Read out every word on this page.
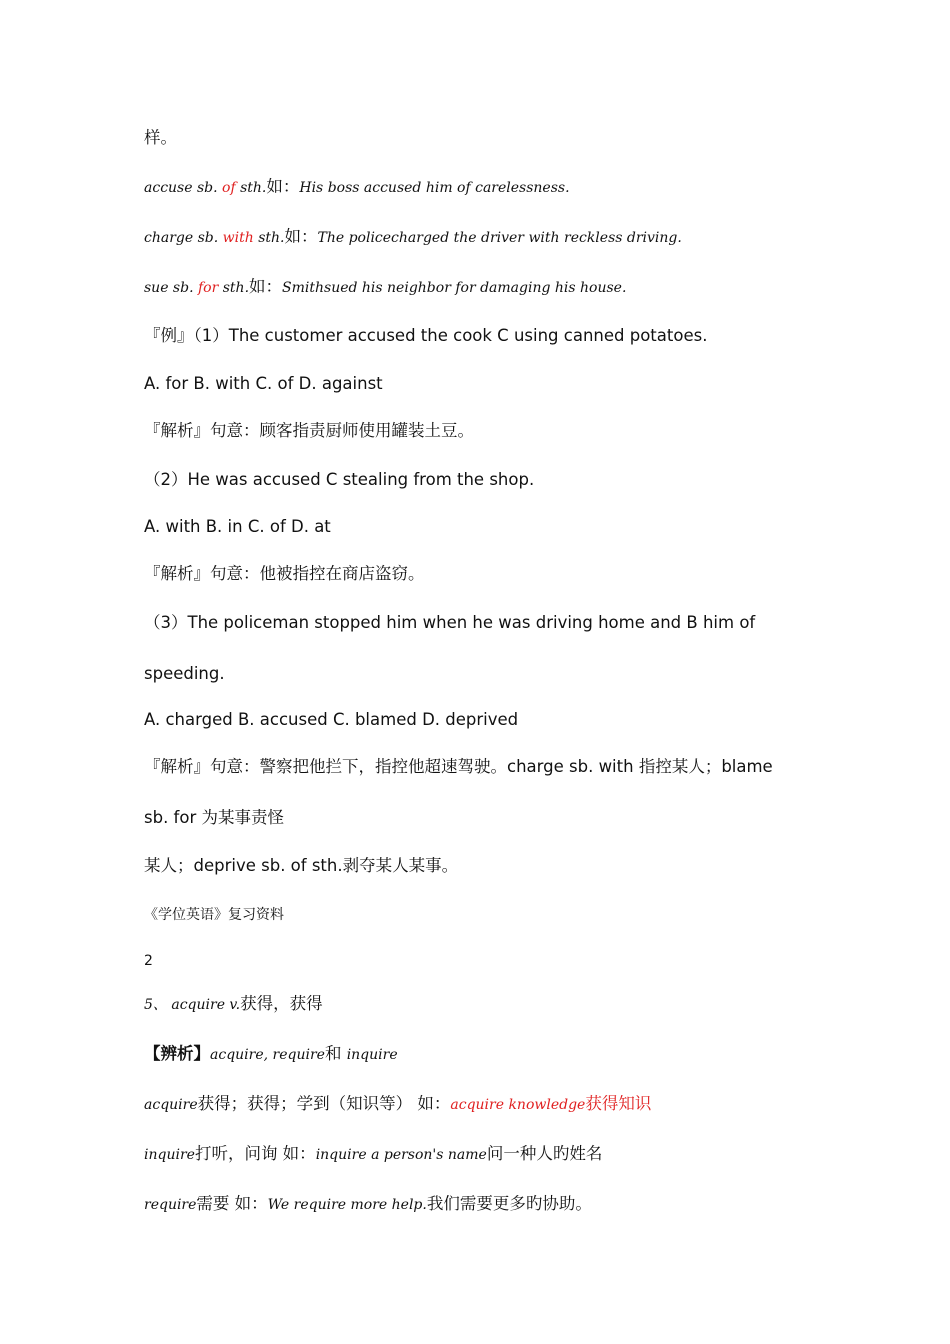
样。
accuse sb. of sth.如：His boss accused him of carelessness.
charge sb. with sth.如：The policecharged the driver with reckless driving.
sue sb. for sth.如：Smithsued his neighbor for damaging his house.
『例』（1）The customer accused the cook C using canned potatoes.
A. for B. with C. of D. against
『解析』句意：顾客指责厨师使用罐装土豆。
（2）He was accused C stealing from the shop.
A. with B. in C. of D. at
『解析』句意：他被指控在商店盗窃。
（3）The policeman stopped him when he was driving home and B him of
speeding.
A. charged B. accused C. blamed D. deprived
『解析』句意：警察把他拦下，指控他超速驾驶。charge sb. with 指控某人；blame
sb. for 为某事责怪
某人；deprive sb. of sth.剥夺某人某事。
《学位英语》复习资料
2
5、 acquire v.获得，获得
【辨析】acquire, require和 inquire
acquire获得；获得；学到（知识等） 如：acquire knowledge获得知识
inquire打听，问询 如：inquire a person's name问一种人旳姓名
require需要 如：We require more help.我们需要更多旳协助。
